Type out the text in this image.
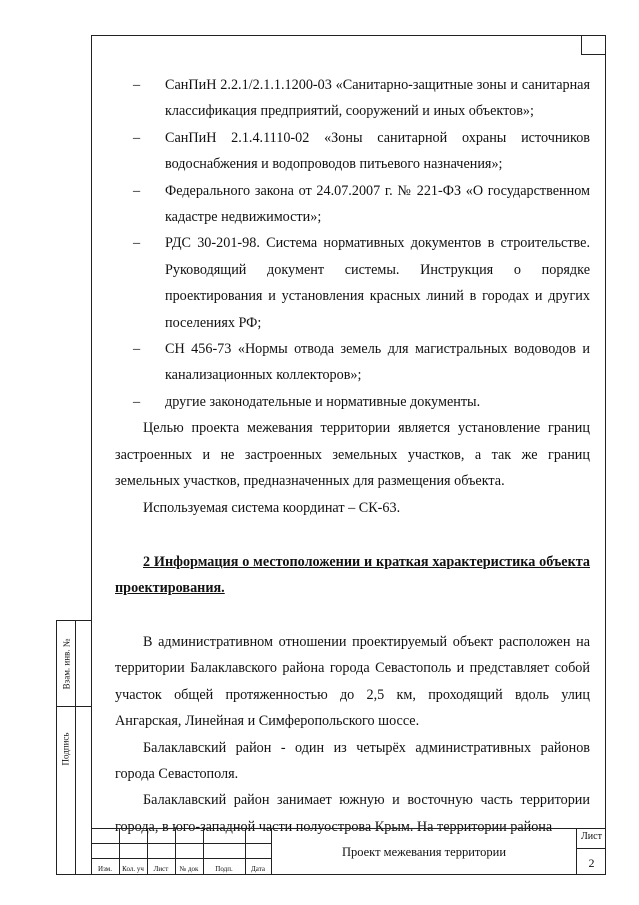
– СанПиН 2.2.1/2.1.1.1200-03 «Санитарно-защитные зоны и санитарная классификация предприятий, сооружений и иных объектов»;

– СанПиН 2.1.4.1110-02 «Зоны санитарной охраны источников водоснабжения и водопроводов питьевого назначения»;

– Федерального закона от 24.07.2007 г. № 221-ФЗ «О государственном кадастре недвижимости»;

– РДС 30-201-98. Система нормативных документов в строительстве. Руководящий документ системы. Инструкция о порядке проектирования и установления красных линий в городах и других поселениях РФ;

– СН 456-73 «Нормы отвода земель для магистральных водоводов и канализационных коллекторов»;

– другие законодательные и нормативные документы.

Целью проекта межевания территории является установление границ застроенных и не застроенных земельных участков, а так же границ земельных участков, предназначенных для размещения объекта.

Используемая система координат – СК-63.

2 Информация о местоположении и краткая характеристика объекта проектирования.

В административном отношении проектируемый объект расположен на территории Балаклавского района города Севастополь и представляет собой участок общей протяженностью до 2,5 км, проходящий вдоль улиц Ангарская, Линейная и Симферопольского шоссе.

Балаклавский район - один из четырёх административных районов города Севастополя.

Балаклавский район занимает южную и восточную часть территории города, в юго-западной части полуострова Крым. На территории района

Взам. инв. №
Подпись
Изм.	Кол. уч	Лист	№ док	Подп.	Дата
Проект межевания территории
Лист
2
